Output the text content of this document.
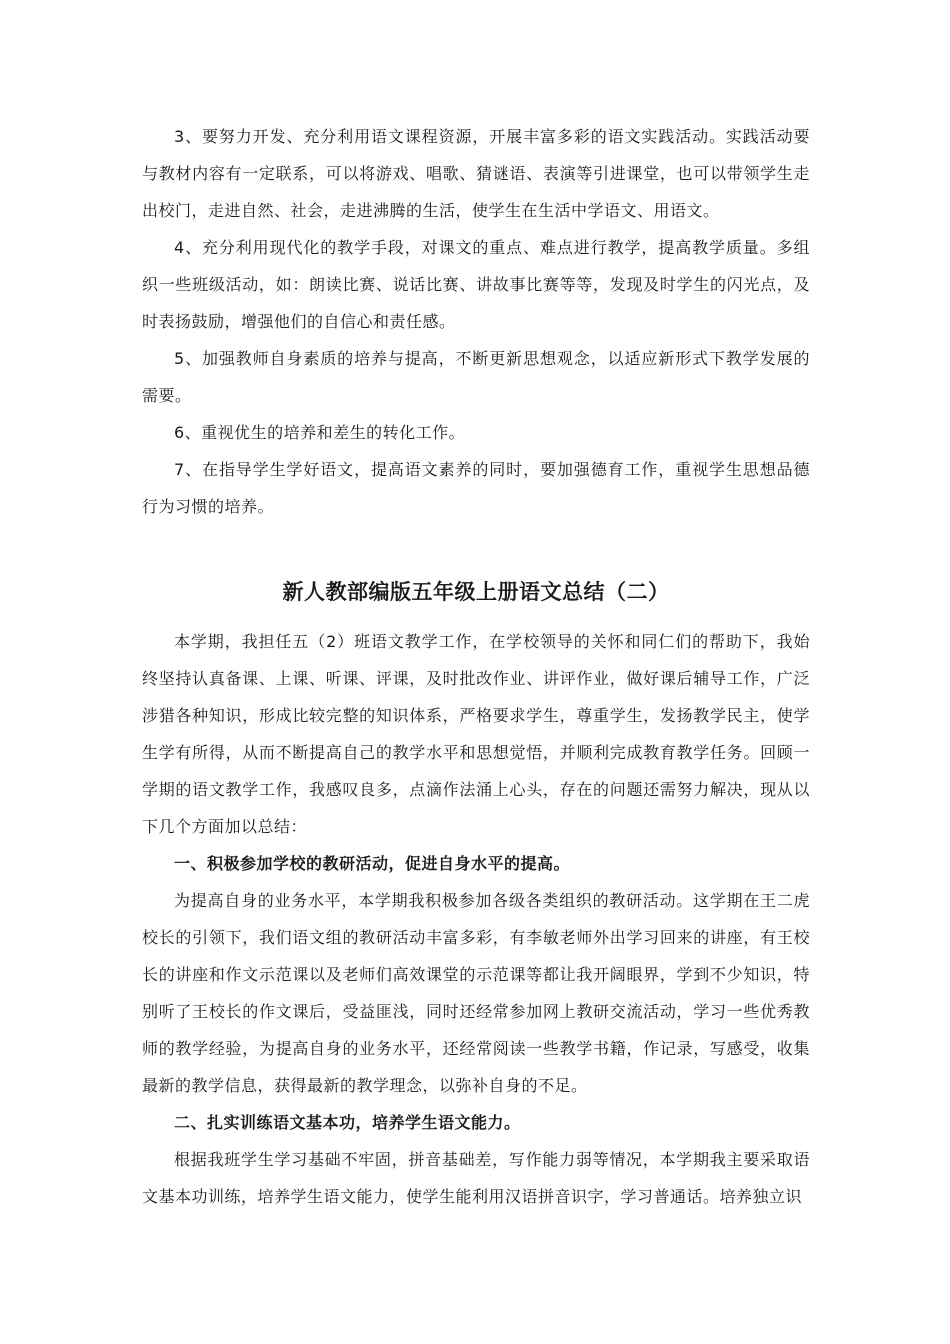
3、要努力开发、充分利用语文课程资源，开展丰富多彩的语文实践活动。实践活动要与教材内容有一定联系，可以将游戏、唱歌、猜谜语、表演等引进课堂，也可以带领学生走出校门，走进自然、社会，走进沸腾的生活，使学生在生活中学语文、用语文。

4、充分利用现代化的教学手段，对课文的重点、难点进行教学，提高教学质量。多组织一些班级活动，如：朗读比赛、说话比赛、讲故事比赛等等，发现及时学生的闪光点，及时表扬鼓励，增强他们的自信心和责任感。

5、加强教师自身素质的培养与提高，不断更新思想观念，以适应新形式下教学发展的需要。

6、重视优生的培养和差生的转化工作。

7、在指导学生学好语文，提高语文素养的同时，要加强德育工作，重视学生思想品德行为习惯的培养。

新人教部编版五年级上册语文总结（二）

本学期，我担任五（2）班语文教学工作，在学校领导的关怀和同仁们的帮助下，我始终坚持认真备课、上课、听课、评课，及时批改作业、讲评作业，做好课后辅导工作，广泛涉猎各种知识，形成比较完整的知识体系，严格要求学生，尊重学生，发扬教学民主，使学生学有所得，从而不断提高自己的教学水平和思想觉悟，并顺利完成教育教学任务。回顾一学期的语文教学工作，我感叹良多，点滴作法涌上心头，存在的问题还需努力解决，现从以下几个方面加以总结：

一、积极参加学校的教研活动，促进自身水平的提高。

为提高自身的业务水平，本学期我积极参加各级各类组织的教研活动。这学期在王二虎校长的引领下，我们语文组的教研活动丰富多彩，有李敏老师外出学习回来的讲座，有王校长的讲座和作文示范课以及老师们高效课堂的示范课等都让我开阔眼界，学到不少知识，特别听了王校长的作文课后，受益匪浅，同时还经常参加网上教研交流活动，学习一些优秀教师的教学经验，为提高自身的业务水平，还经常阅读一些教学书籍，作记录，写感受，收集最新的教学信息，获得最新的教学理念，以弥补自身的不足。

二、扎实训练语文基本功，培养学生语文能力。

根据我班学生学习基础不牢固，拼音基础差，写作能力弱等情况，本学期我主要采取语文基本功训练，培养学生语文能力，使学生能利用汉语拼音识字，学习普通话。培养独立识
